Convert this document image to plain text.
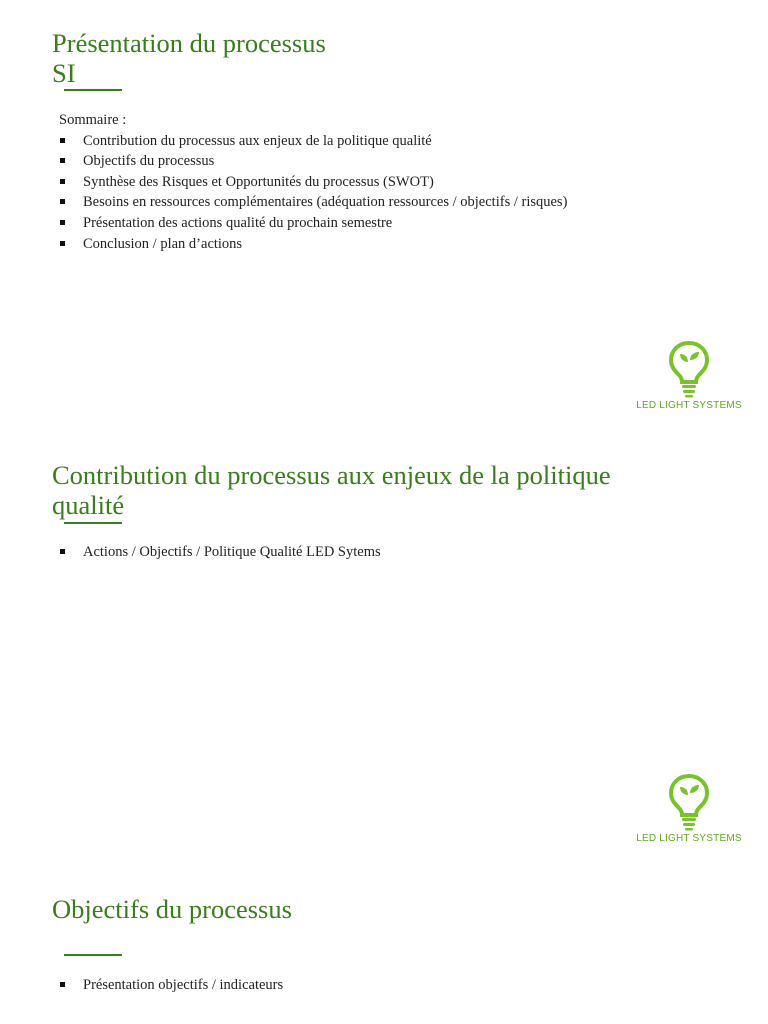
Présentation du processus
SI

Sommaire :

Contribution du processus aux enjeux de la politique qualité
Objectifs du processus
Synthèse des Risques et Opportunités du processus (SWOT)
Besoins en ressources complémentaires (adéquation ressources / objectifs / risques)
Présentation des actions qualité du prochain semestre
Conclusion / plan d’actions
LED LIGHT SYSTEMS
Contribution du processus aux enjeux de la politique
qualité
Actions / Objectifs / Politique Qualité LED Sytems
LED LIGHT SYSTEMS
Objectifs du processus
Présentation objectifs / indicateurs
